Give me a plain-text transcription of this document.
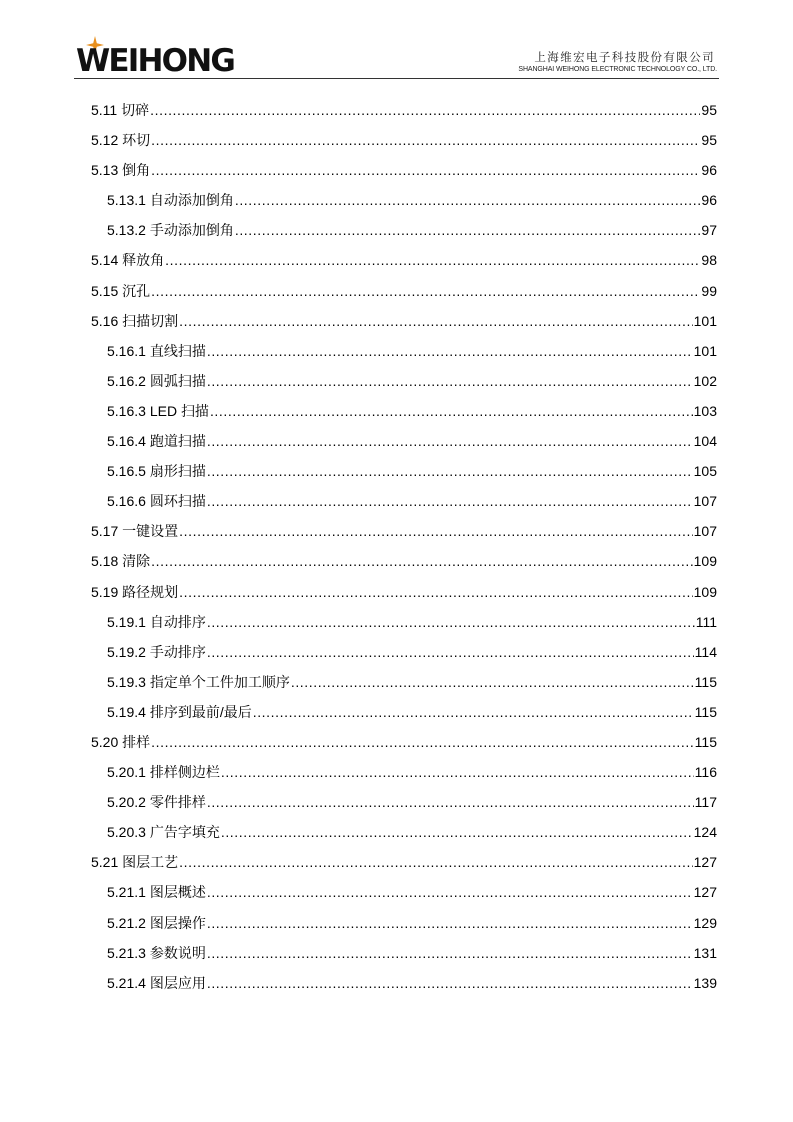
WEIHONG	上海维宏电子科技股份有限公司
SHANGHAI WEIHONG ELECTRONIC TECHNOLOGY CO., LTD.
5.11 切碎 .....	95
5.12 环切 .....	95
5.13 倒角 .....	96
5.13.1 自动添加倒角 .....	96
5.13.2 手动添加倒角 .....	97
5.14 释放角 .....	98
5.15 沉孔 .....	99
5.16 扫描切割 .....	101
5.16.1 直线扫描 .....	101
5.16.2 圆弧扫描 .....	102
5.16.3 LED 扫描 .....	103
5.16.4 跑道扫描 .....	104
5.16.5 扇形扫描 .....	105
5.16.6 圆环扫描 .....	107
5.17 一键设置 .....	107
5.18 清除 .....	109
5.19 路径规划 .....	109
5.19.1 自动排序 .....	111
5.19.2 手动排序 .....	114
5.19.3 指定单个工件加工顺序 .....	115
5.19.4 排序到最前/最后 .....	115
5.20 排样 .....	115
5.20.1 排样侧边栏 .....	116
5.20.2 零件排样 .....	117
5.20.3 广告字填充 .....	124
5.21 图层工艺 .....	127
5.21.1 图层概述 .....	127
5.21.2 图层操作 .....	129
5.21.3 参数说明 .....	131
5.21.4 图层应用 .....	139
